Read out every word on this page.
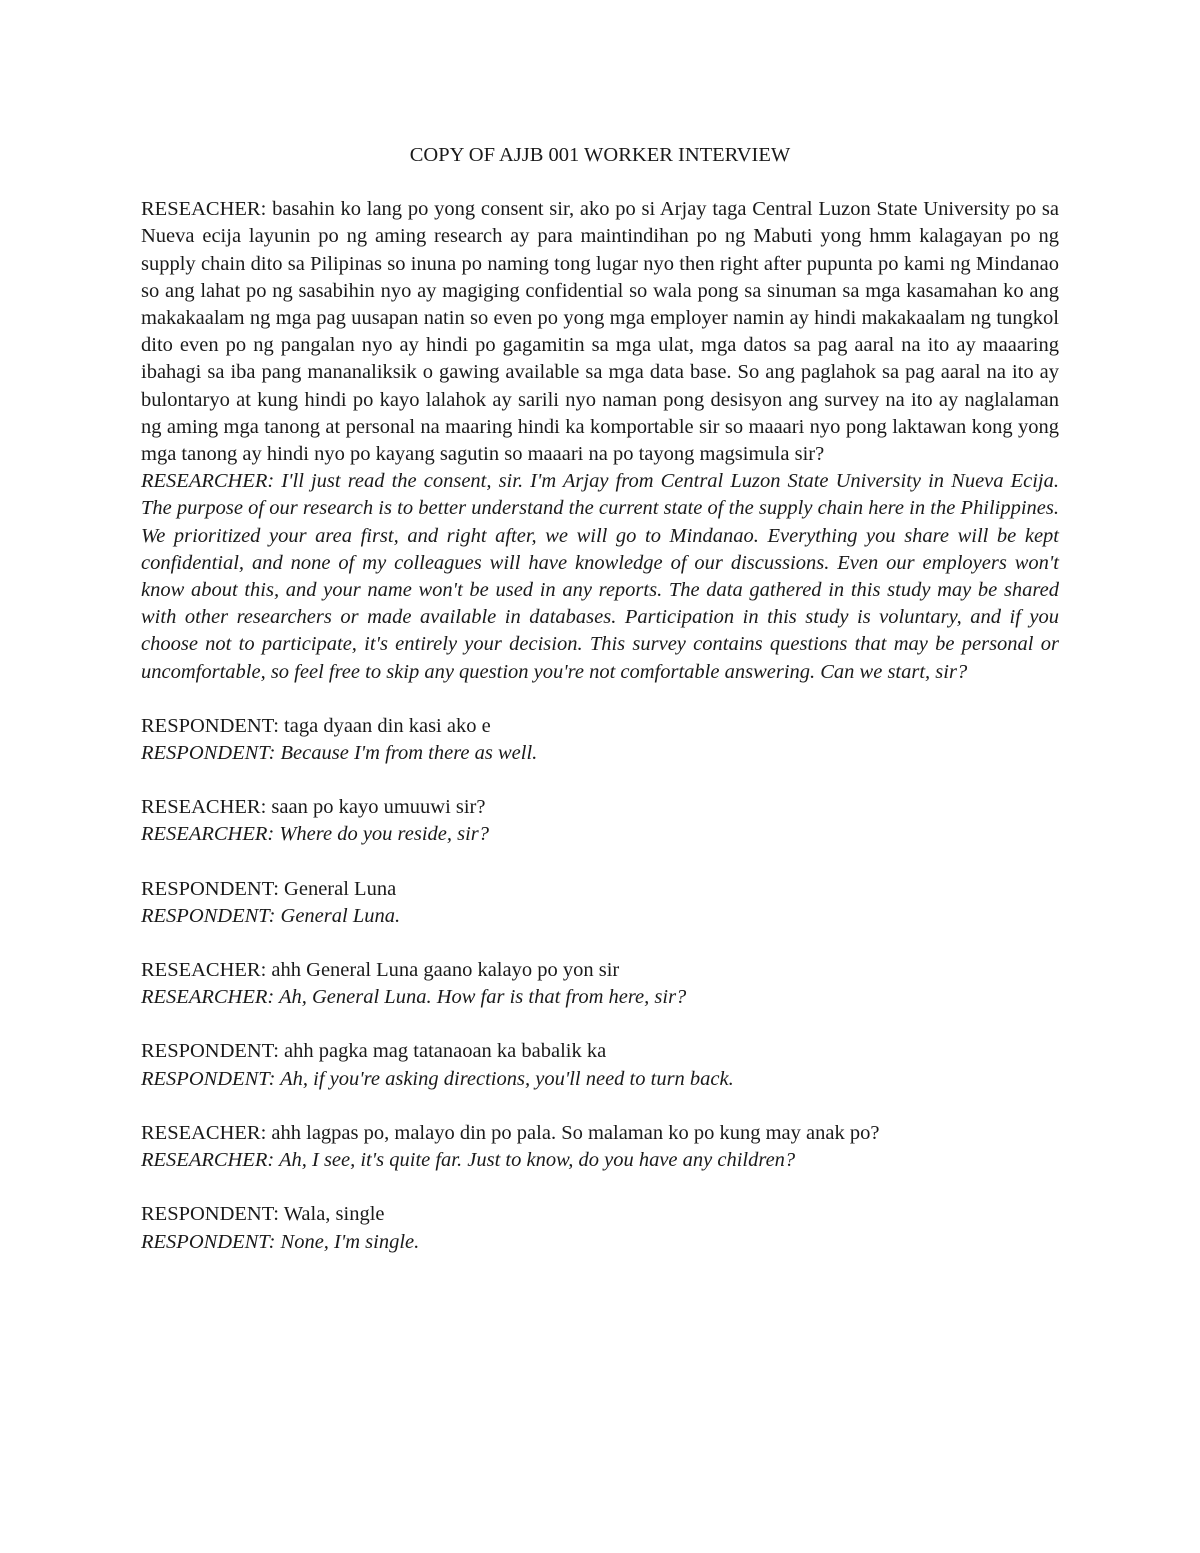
COPY OF AJJB 001 WORKER INTERVIEW

RESEACHER: basahin ko lang po yong consent sir, ako po si Arjay taga Central Luzon State University po sa Nueva ecija layunin po ng aming research ay para maintindihan po ng Mabuti yong hmm kalagayan po ng supply chain dito sa Pilipinas so inuna po naming tong lugar nyo then right after pupunta po kami ng Mindanao so ang lahat po ng sasabihin nyo ay magiging confidential so wala pong sa sinuman sa mga kasamahan ko ang makakaalam ng mga pag uusapan natin so even po yong mga employer namin ay hindi makakaalam ng tungkol dito even po ng pangalan nyo ay hindi po gagamitin sa mga ulat, mga datos sa pag aaral na ito ay maaaring ibahagi sa iba pang mananaliksik o gawing available sa mga data base. So ang paglahok sa pag aaral na ito ay bulontaryo at kung hindi po kayo lalahok ay sarili nyo naman pong desisyon ang survey na ito ay naglalaman ng aming mga tanong at personal na maaring hindi ka komportable sir so maaari nyo pong laktawan kong yong mga tanong ay hindi nyo po kayang sagutin so maaari na po tayong magsimula sir?

RESEARCHER: I'll just read the consent, sir. I'm Arjay from Central Luzon State University in Nueva Ecija. The purpose of our research is to better understand the current state of the supply chain here in the Philippines. We prioritized your area first, and right after, we will go to Mindanao. Everything you share will be kept confidential, and none of my colleagues will have knowledge of our discussions. Even our employers won't know about this, and your name won't be used in any reports. The data gathered in this study may be shared with other researchers or made available in databases. Participation in this study is voluntary, and if you choose not to participate, it's entirely your decision. This survey contains questions that may be personal or uncomfortable, so feel free to skip any question you're not comfortable answering. Can we start, sir?

RESPONDENT: taga dyaan din kasi ako e

RESPONDENT: Because I'm from there as well.

RESEACHER: saan po kayo umuuwi sir?

RESEARCHER: Where do you reside, sir?

RESPONDENT: General Luna

RESPONDENT: General Luna.

RESEACHER: ahh General Luna gaano kalayo po yon sir

RESEARCHER: Ah, General Luna. How far is that from here, sir?

RESPONDENT: ahh pagka mag tatanaoan ka babalik ka

RESPONDENT: Ah, if you're asking directions, you'll need to turn back.

RESEACHER: ahh lagpas po, malayo din po pala. So malaman ko po kung may anak po?

RESEARCHER: Ah, I see, it's quite far. Just to know, do you have any children?

RESPONDENT: Wala, single

RESPONDENT: None, I'm single.
